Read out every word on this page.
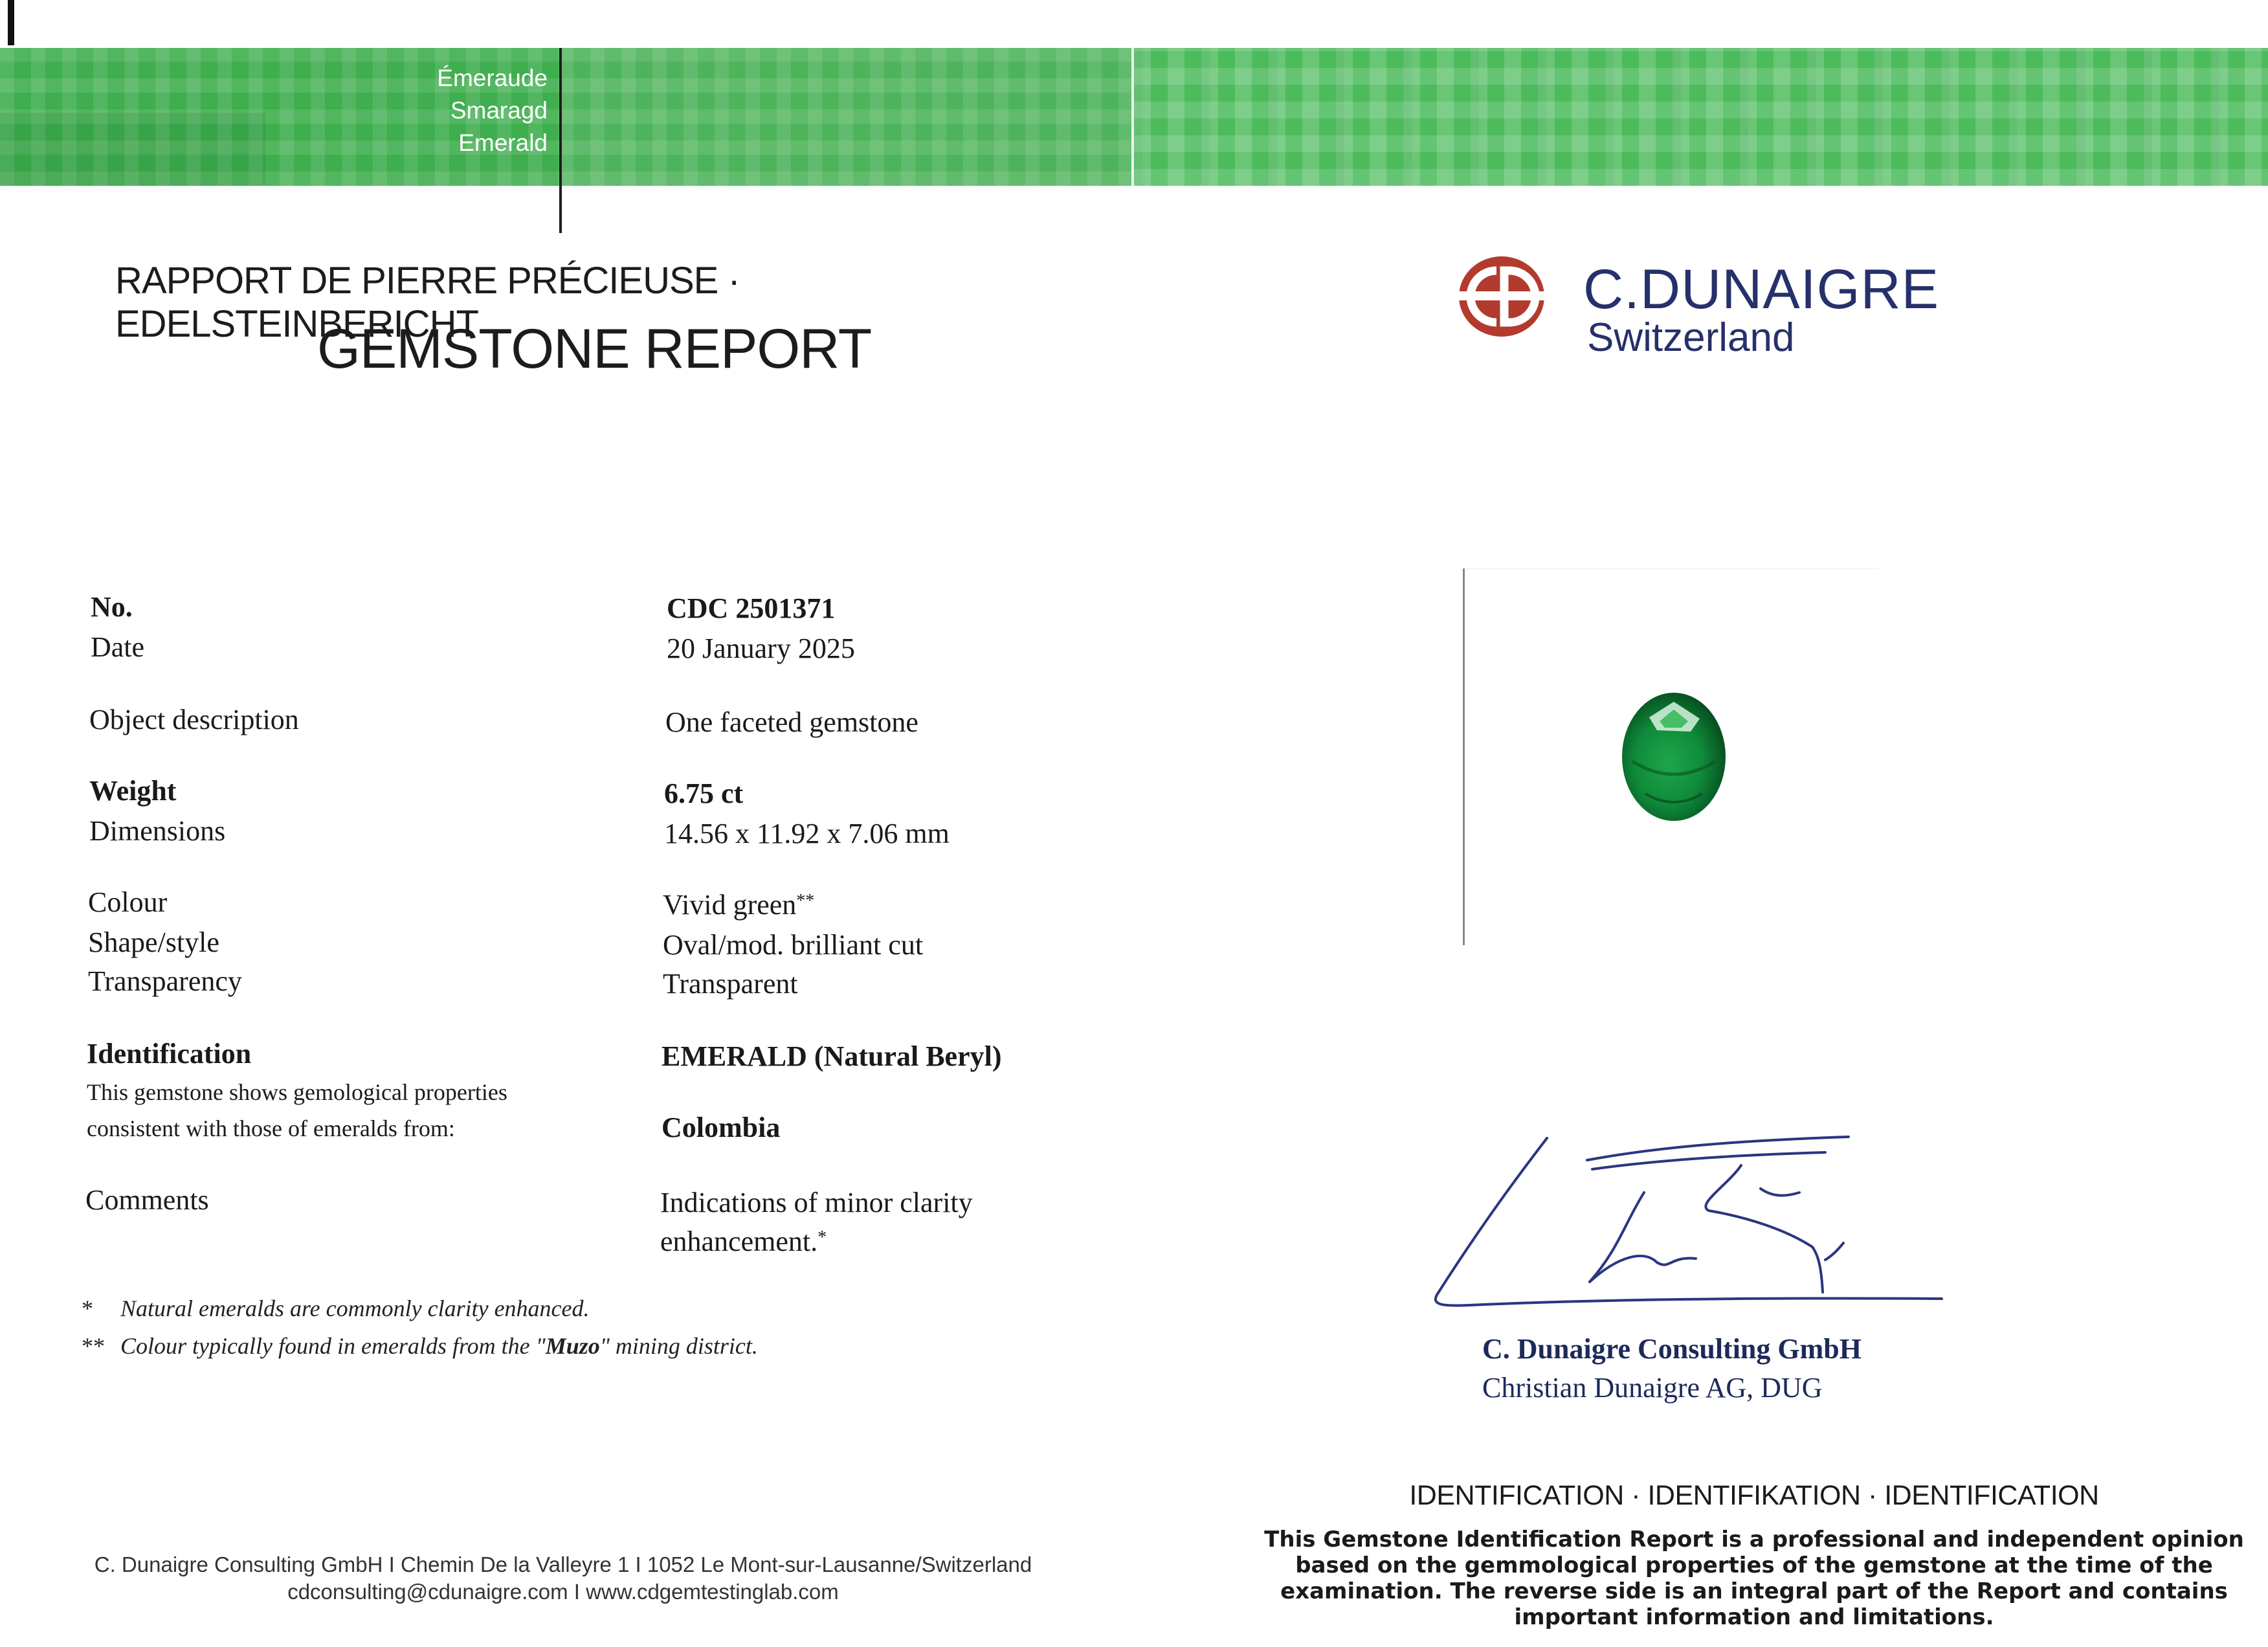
Émeraude
Smaragd
Emerald
RAPPORT DE PIERRE PRÉCIEUSE · EDELSTEINBERICHT
GEMSTONE REPORT
C.DUNAIGRE
Switzerland
No.	CDC 2501371
Date	20 January 2025
Object description	One faceted gemstone
Weight	6.75 ct
Dimensions	14.56 x 11.92 x 7.06 mm
Colour	Vivid green**
Shape/style	Oval/mod. brilliant cut
Transparency	Transparent
Identification	EMERALD (Natural Beryl)
This gemstone shows gemological properties
consistent with those of emeralds from:	Colombia
Comments	Indications of minor clarity
enhancement.*
* Natural emeralds are commonly clarity enhanced.
** Colour typically found in emeralds from the "Muzo" mining district.
C. Dunaigre Consulting GmbH I Chemin De la Valleyre 1 I 1052 Le Mont-sur-Lausanne/Switzerland
cdconsulting@cdunaigre.com I www.cdgemtestinglab.com
C. Dunaigre Consulting GmbH
Christian Dunaigre AG, DUG
IDENTIFICATION · IDENTIFIKATION · IDENTIFICATION
This Gemstone Identification Report is a professional and independent opinion
based on the gemmological properties of the gemstone at the time of the
examination. The reverse side is an integral part of the Report and contains
important information and limitations.
